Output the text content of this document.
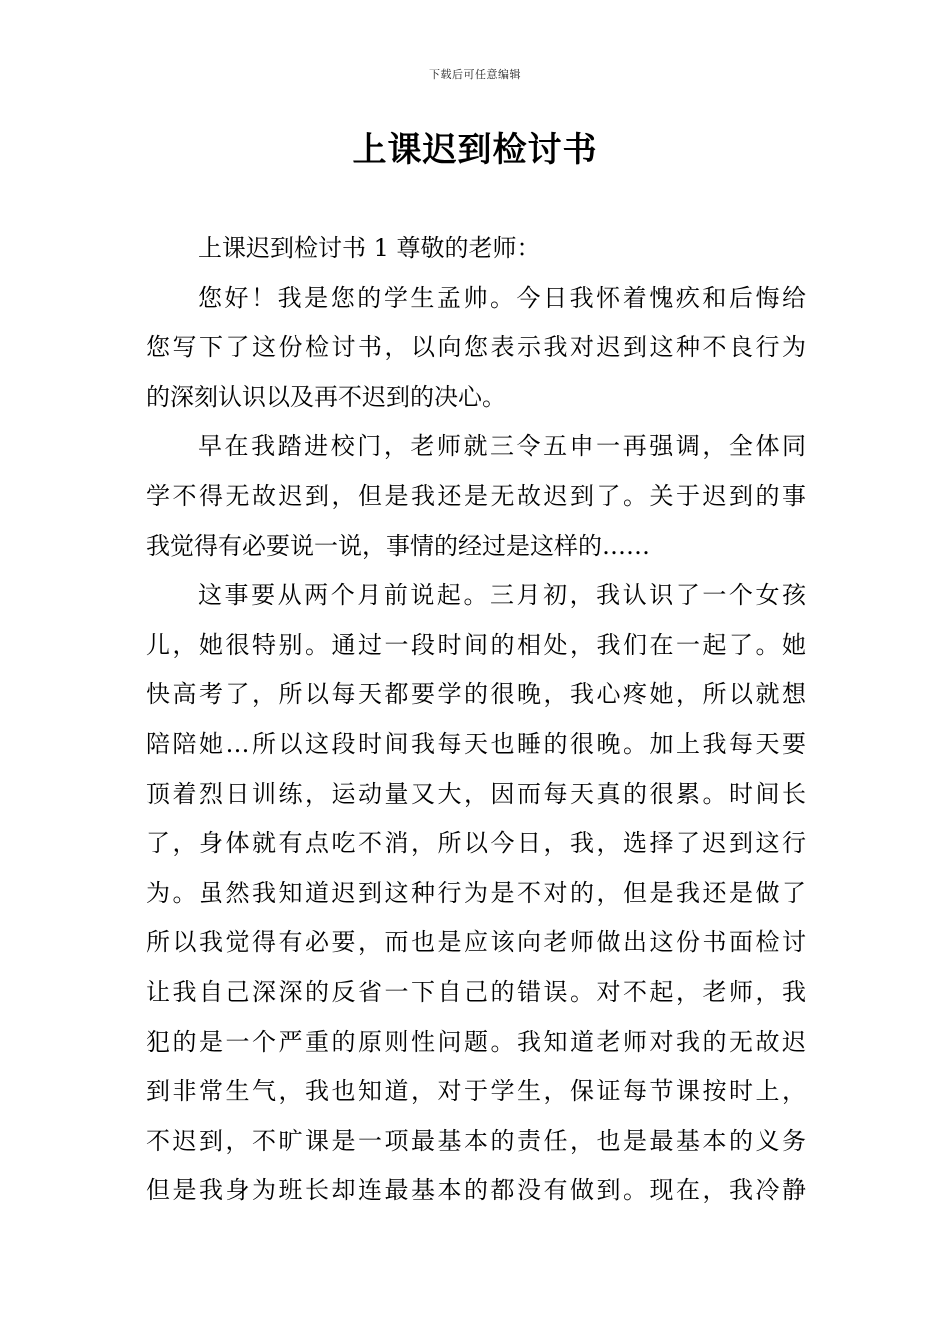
下载后可任意编辑
上课迟到检讨书
上课迟到检讨书 1 尊敬的老师：
您好！我是您的学生孟帅。今日我怀着愧疚和后悔给
您写下了这份检讨书，以向您表示我对迟到这种不良行为
的深刻认识以及再不迟到的决心。
早在我踏进校门，老师就三令五申一再强调，全体同
学不得无故迟到，但是我还是无故迟到了。关于迟到的事
我觉得有必要说一说，事情的经过是这样的……
这事要从两个月前说起。三月初，我认识了一个女孩
儿，她很特别。通过一段时间的相处，我们在一起了。她
快高考了，所以每天都要学的很晚，我心疼她，所以就想
陪陪她…所以这段时间我每天也睡的很晚。加上我每天要
顶着烈日训练，运动量又大，因而每天真的很累。时间长
了，身体就有点吃不消，所以今日，我，选择了迟到这行
为。虽然我知道迟到这种行为是不对的，但是我还是做了
所以我觉得有必要，而也是应该向老师做出这份书面检讨
让我自己深深的反省一下自己的错误。对不起，老师，我
犯的是一个严重的原则性问题。我知道老师对我的无故迟
到非常生气，我也知道，对于学生，保证每节课按时上，
不迟到，不旷课是一项最基本的责任，也是最基本的义务
但是我身为班长却连最基本的都没有做到。现在，我冷静
